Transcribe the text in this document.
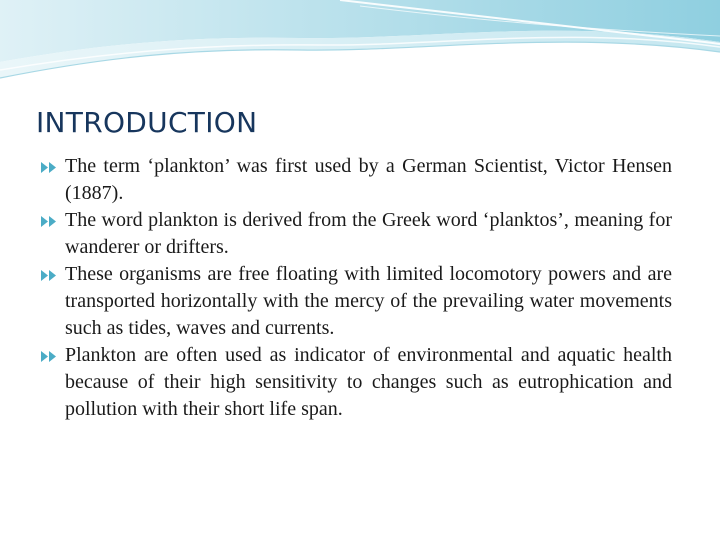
INTRODUCTION
The term ‘plankton’ was first used by a German Scientist, Victor Hensen (1887).
The word plankton is derived from the Greek word ‘planktos’, meaning for wanderer or drifters.
These organisms are free floating with limited locomotory powers and are transported horizontally with the mercy of the prevailing water movements such as tides, waves and currents.
Plankton are often used as indicator of environmental and aquatic health because of their high sensitivity to changes such as eutrophication and pollution with their short life span.
